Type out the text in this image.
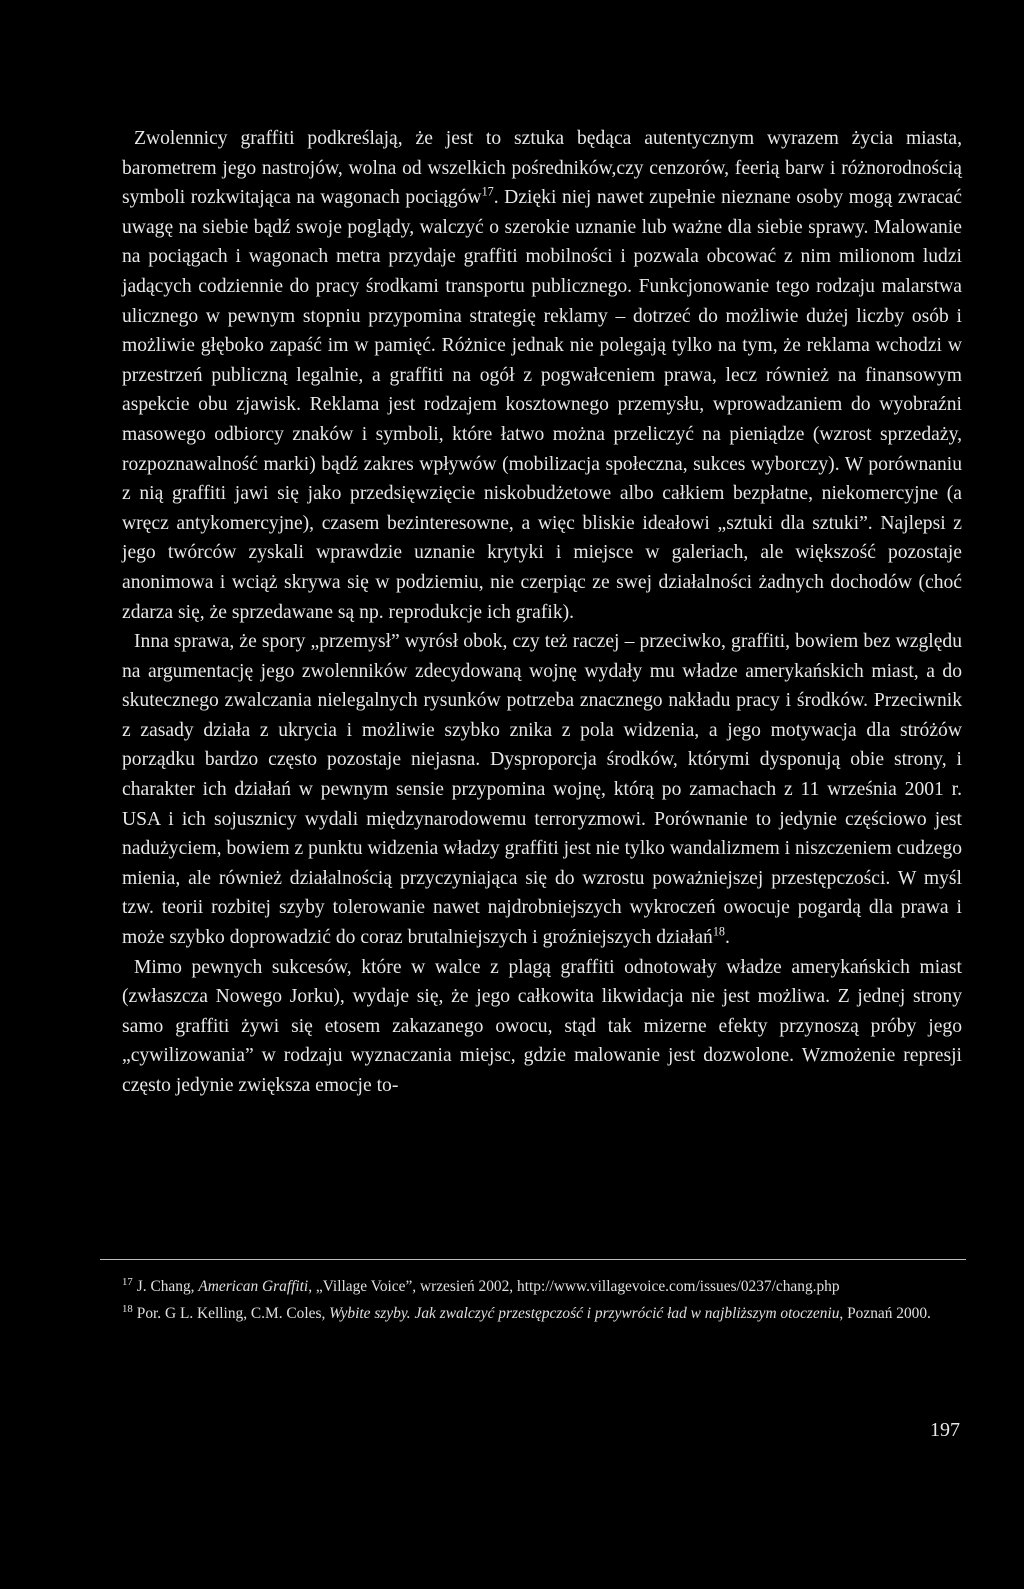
Zwolennicy graffiti podkreślają, że jest to sztuka będąca autentycznym wyrazem życia miasta, barometrem jego nastrojów, wolna od wszelkich pośredników,czy cenzorów, feerią barw i różnorodnością symboli rozkwitająca na wagonach pociągów$^{17}$. Dzięki niej nawet zupełnie nieznane osoby mogą zwracać uwagę na siebie bądź swoje poglądy, walczyć o szerokie uznanie lub ważne dla siebie sprawy. Malowanie na pociągach i wagonach metra przydaje graffiti mobilności i pozwala obcować z nim milionom ludzi jadących codziennie do pracy środkami transportu publicznego. Funkcjonowanie tego rodzaju malarstwa ulicznego w pewnym stopniu przypomina strategię reklamy – dotrzeć do możliwie dużej liczby osób i możliwie głęboko zapaść im w pamięć. Różnice jednak nie polegają tylko na tym, że reklama wchodzi w przestrzeń publiczną legalnie, a graffiti na ogół z pogwałceniem prawa, lecz również na finansowym aspekcie obu zjawisk. Reklama jest rodzajem kosztownego przemysłu, wprowadzaniem do wyobraźni masowego odbiorcy znaków i symboli, które łatwo można przeliczyć na pieniądze (wzrost sprzedaży, rozpoznawalność marki) bądź zakres wpływów (mobilizacja społeczna, sukces wyborczy). W porównaniu z nią graffiti jawi się jako przedsięwzięcie niskobudżetowe albo całkiem bezpłatne, niekomercyjne (a wręcz antykomercyjne), czasem bezinteresowne, a więc bliskie ideałowi „sztuki dla sztuki”. Najlepsi z jego twórców zyskali wprawdzie uznanie krytyki i miejsce w galeriach, ale większość pozostaje anonimowa i wciąż skrywa się w podziemiu, nie czerpiąc ze swej działalności żadnych dochodów (choć zdarza się, że sprzedawane są np. reprodukcje ich grafik).

Inna sprawa, że spory „przemysł” wyrósł obok, czy też raczej – przeciwko, graffiti, bowiem bez względu na argumentację jego zwolenników zdecydowaną wojnę wydały mu władze amerykańskich miast, a do skutecznego zwalczania nielegalnych rysunków potrzeba znacznego nakładu pracy i środków. Przeciwnik z zasady działa z ukrycia i możliwie szybko znika z pola widzenia, a jego motywacja dla stróżów porządku bardzo często pozostaje niejasna. Dysproporcja środków, którymi dysponują obie strony, i charakter ich działań w pewnym sensie przypomina wojnę, którą po zamachach z 11 września 2001 r. USA i ich sojusznicy wydali międzynarodowemu terroryzmowi. Porównanie to jedynie częściowo jest nadużyciem, bowiem z punktu widzenia władzy graffiti jest nie tylko wandalizmem i niszczeniem cudzego mienia, ale również działalnością przyczyniająca się do wzrostu poważniejszej przestępczości. W myśl tzw. teorii rozbitej szyby tolerowanie nawet najdrobniejszych wykroczeń owocuje pogardą dla prawa i może szybko doprowadzić do coraz brutalniejszych i groźniejszych działań$^{18}$.

Mimo pewnych sukcesów, które w walce z plagą graffiti odnotowały władze amerykańskich miast (zwłaszcza Nowego Jorku), wydaje się, że jego całkowita likwidacja nie jest możliwa. Z jednej strony samo graffiti żywi się etosem zakazanego owocu, stąd tak mizerne efekty przynoszą próby jego „cywilizowania” w rodzaju wyznaczania miejsc, gdzie malowanie jest dozwolone. Wzmożenie represji często jedynie zwiększa emocje to-

$^{17}$ J. Chang, American Graffiti, „Village Voice”, wrzesień 2002, http://www.villagevoice.com/issues/0237/chang.php
$^{18}$ Por. G L. Kelling, C.M. Coles, Wybite szyby. Jak zwalczyć przestępczość i przywrócić ład w najbliższym otoczeniu, Poznań 2000.
197
